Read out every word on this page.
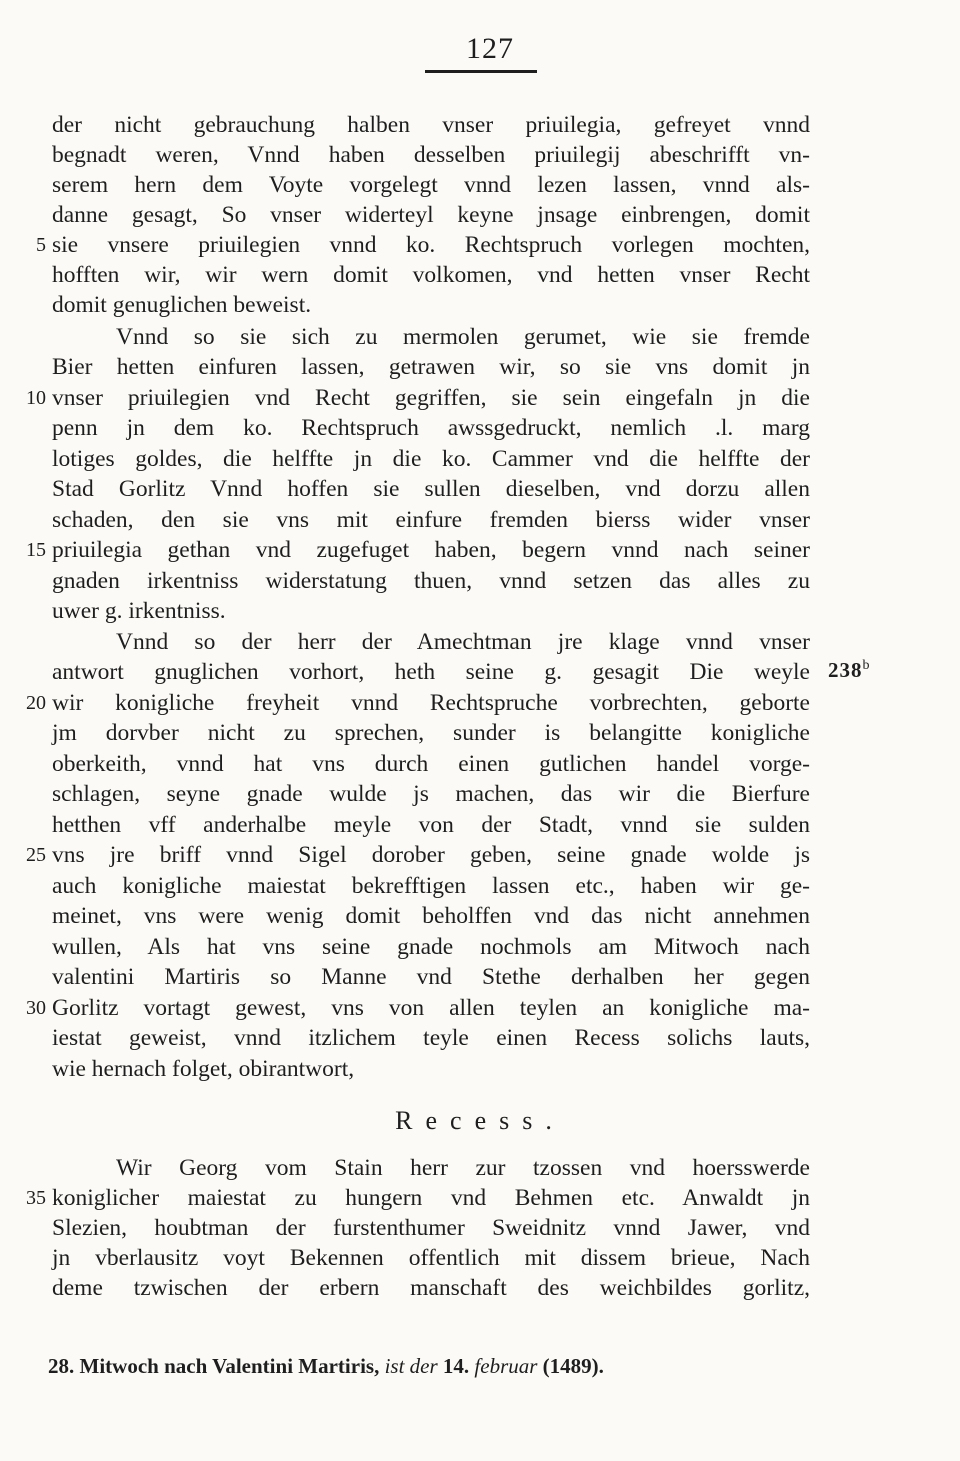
127
der nicht gebrauchung halben vnser priuilegia, gefreyet vnnd
begnadt weren, Vnnd haben desselben priuilegij abeschrifft vn-
serem hern dem Voyte vorgelegt vnnd lezen lassen, vnnd als-
danne gesagt, So vnser widerteyl keyne jnsage einbrengen, domit
sie vnsere priuilegien vnnd ko. Rechtspruch vorlegen mochten,
hofften wir, wir wern domit volkomen, vnd hetten vnser Recht
domit genuglichen beweist.
Vnnd so sie sich zu mermolen gerumet, wie sie fremde
Bier hetten einfuren lassen, getrawen wir, so sie vns domit jn
vnser priuilegien vnd Recht gegriffen, sie sein eingefaln jn die
penn jn dem ko. Rechtspruch awssgedruckt, nemlich .l. marg
lotiges goldes, die helffte jn die ko. Cammer vnd die helffte der
Stad Gorlitz Vnnd hoffen sie sullen dieselben, vnd dorzu allen
schaden, den sie vns mit einfure fremden bierss wider vnser
priuilegia gethan vnd zugefuget haben, begern vnnd nach seiner
gnaden irkentniss widerstatung thuen, vnnd setzen das alles zu
uwer g. irkentniss.
Vnnd so der herr der Amechtman jre klage vnnd vnser
antwort gnuglichen vorhort, heth seine g. gesagit Die weyle
wir konigliche freyheit vnnd Rechtspruche vorbrechten, geborte
jm dorvber nicht zu sprechen, sunder is belangitte konigliche
oberkeith, vnnd hat vns durch einen gutlichen handel vorge-
schlagen, seyne gnade wulde js machen, das wir die Bierfure
hetthen vff anderhalbe meyle von der Stadt, vnnd sie sulden
vns jre briff vnnd Sigel dorober geben, seine gnade wolde js
auch konigliche maiestat bekrefftigen lassen etc., haben wir ge-
meinet, vns were wenig domit beholffen vnd das nicht annehmen
wullen, Als hat vns seine gnade nochmols am Mitwoch nach
valentini Martiris so Manne vnd Stethe derhalben her gegen
Gorlitz vortagt gewest, vns von allen teylen an konigliche ma-
iestat geweist, vnnd itzlichem teyle einen Recess solichs lauts,
wie hernach folget, obirantwort,
5
10
15
20
25
30
35
238$^b$
Recess.
Wir Georg vom Stain herr zur tzossen vnd hoersswerde
koniglicher maiestat zu hungern vnd Behmen etc. Anwaldt jn
Slezien, houbtman der furstenthumer Sweidnitz vnnd Jawer, vnd
jn vberlausitz voyt Bekennen offentlich mit dissem brieue, Nach
deme tzwischen der erbern manschaft des weichbildes gorlitz,
28. Mitwoch nach Valentini Martiris, ist der 14. februar (1489).
